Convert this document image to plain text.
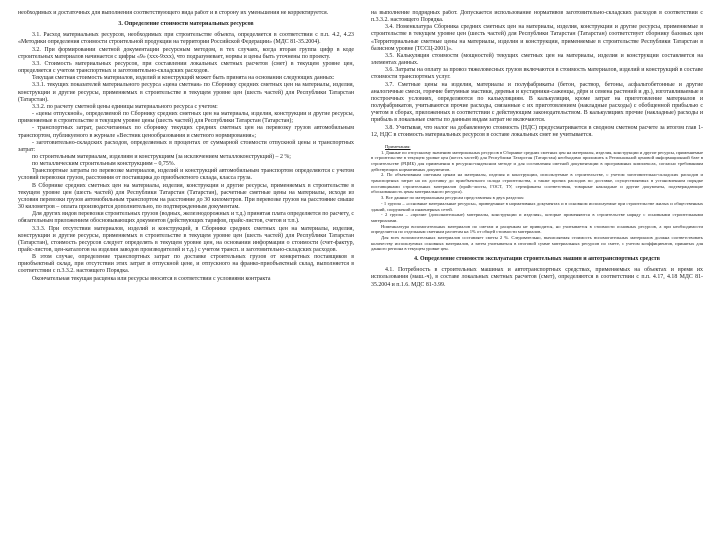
необходимых и достаточных для выполнения соответствующего вида работ и в сторону их уменьшения не корректируется.

3. Определение стоимости материальных ресурсов

3.1. Расход материальных ресурсов, необходимых при строительстве объекта, определяется в соответствии с п.п. 4.2, 4.23 «Методики определения стоимости строительной продукции на территории Российской Федерации» (МДС 81-35.2004).

3.2. При формировании сметной документации ресурсным методом, в тех случаях, когда вторая группа цифр в коде строительных материалов начинается с цифры «9» (ххх-9ххх), что подразумевает, нормы и цены быть уточнены по проекту.

3.3. Стоимость материальных ресурсов, при составлении локальных сметных расчетов (смет) в текущем уровне цен, определяется с учетом транспортных и заготовительно-складских расходов.

Текущая сметная стоимость материалов, изделий и конструкций может быть принята на основании следующих данных:

3.3.1. текущих показателей материального ресурса «цена сметная» по Сборнику средних сметных цен на материалы, изделия, конструкции и другие ресурсы, применяемых в строительстве в текущем уровне цен (шесть частей) для Республики Татарстан (Татарстан).

3.3.2. по расчету сметной цены единицы материального ресурса с учетом:

- «цены отпускной», определяемой по Сборнику средних сметных цен на материалы, изделия, конструкции и другие ресурсы, применяемые в строительстве в текущем уровне цены (шесть частей) для Республики Татарстан (Татарстан);

- транспортных затрат, рассчитанных по сборнику текущих средних сметных цен на перевозку грузов автомобильным транспортом, публикуемого в журнале «Вестник ценообразования и сметного нормирования»;

- заготовительно-складских расходов, определяемых в процентах от суммарной стоимости отпускной цены и транспортных затрат:

по строительным материалам, изделиям и конструкциям (за исключением металлоконструкций) – 2 %;

по металлическим строительным конструкциям – 0,75%.

Транспортные затраты по перевозке материалов, изделий и конструкций автомобильным транспортом определяются с учетом условий перевозки грузов, расстояния от поставщика до приобъектного склада, класса груза.

В Сборнике средних сметных цен на материалы, изделия, конструкции и другие ресурсы, применяемых в строительстве в текущем уровне цен (шесть частей) для Республики Татарстан (Татарстан), расчетные сметные цены на материалы, исходя из условия перевозки грузов автомобильным транспортом на расстояние до 30 километров. При перевозке грузов на расстояние свыше 30 километров – оплата производится дополнительно, по подтвержденным документам.

Для других видов перевозки строительных грузов (водных, железнодорожных и т.д.) принятая плата определяется по расчету, с обязательным приложением обосновывающих документов (действующих тарифов, прайс-листов, счетов и т.п.).

3.3.3. При отсутствии материалов, изделий и конструкций, в Сборнике средних сметных цен на материалы, изделия, конструкции и другие ресурсы, применяемых в строительстве в текущем уровне цен (шесть частей) для Республики Татарстан (Татарстан), стоимость ресурсов следует определять в текущем уровне цен, на основании информации о стоимости (счет-фактур, прайс-листов, цен-каталогов на изделия заводов производителей и т.д.) с учетом трансп. и заготовительно-складских расходов.

В этом случае, определение транспортных затрат по доставке строительных грузов от конкретных поставщиков в приобъектный склад, при отсутствии этих затрат в отпускной цене, и отпускного на франко-приобъектный склад, выполняется в соответствии с п.3.3.2. настоящего Порядка.

Окончательная текущая расценка или ресурсы вносятся в соответствии с условиями контракта

на выполнение подрядных работ. Допускается использование нормативов заготовительно-складских расходов в соответствии с п.3.3.2. настоящего Порядка.

3.4. Номенклатура Сборника средних сметных цен на материалы, изделия, конструкции и другие ресурсы, применяемые в строительстве в текущем уровне цен (шесть частей) для Республики Татарстан (Татарстан) соответствует сборнику базовых цен «Территориальные сметные цены на материалы, изделия и конструкции, применяемые в строительстве Республики Татарстан в базисном уровне (ТССЦ-2001)».

3.5. Калькуляция стоимости (мощностей) текущих сметных цен на материалы, изделия и конструкции составляется на элементах данных.

3.6. Затраты на оплату за провоз тяжеловесных грузов включаются в стоимость материалов, изделий и конструкций в составе стоимости транспортных услуг.

3.7. Сметные цены на изделия, материалы и полуфабрикаты (бетон, раствор, бетоны, асфальтобетонные и другие аналогичные смеси, горячие битумные мастики, деревья и кустарники-саженцы, дёрн и семена растений и др.), изготавливаемые в построечных условиях, определяются по калькуляциям. В калькуляции, кроме затрат на приготовление материалов и полуфабрикатов, учитываются прочие расходы, связанные с их приготовлением (накладные расходы) с обобщенной прибылью с учетом в сборах, приложенных в соответствии с действующим законодательством. В калькуляциях прочие (накладные) расходы и прибыль в локальные сметы по данным видам затрат не включаются.

3.8. Учитывая, что налог на добавленную стоимость (НДС) предусматривается в сводном сметном расчете за итогом глав 1-12, НДС в стоимость материальных ресурсов в составе локальных смет не учитывается.

Примечания:

1. Данные по отпускному значению материальных ресурсов в Сборнике средних сметных цен на материалы, изделия, конструкции и другие ресурсы, применяемые в строительстве в текущем уровне цен (шесть частей) для Республики Татарстан (Татарстан) необходимо приложить к Региональной ценовой информационной базе в строительстве (РЦИБ) для применения в ресурсно-индексном методе и для составления сметной документации в программных комплексах, согласно требованиям действующих нормативных документов.

2. По объективным сметным ценам на материалы, изделия и конструкции, используемые в строительстве, с учетом заготовительно-складских расходов и транспортных затрат на их доставку до приобъектного склада строительства, а также прочих расходов по доставке, осуществляемых в установленном порядке поставщиками строительных материалов (прайс-листы, ГОСТ, ТУ, сертификаты соответствия, товарные накладные и другие документы, подтверждающие обоснованность цены материального ресурса).

3. Все данные по материальным ресурсам представлены в двух разделах:

- 1 группа – «основные материальные ресурсы», приведенные в нормативных документах и в основном используемые при строительстве жилых и общественных зданий, сооружений и инженерных сетей.

- 2 группа – «прочие (дополнительные) материалы, конструкции и изделия», которые применяются в строительстве наряду с основными строительными материалами.

Номенклатура вспомогательных материалов по сметам и расценкам не приводится, но учитывается в стоимости основных ресурсов, а при необходимости определяется по отдельным сметным расчетам на 1% от общей стоимости материалов.

Для всех вспомогательных материалов составляет сметы 2 %. Следовательно, вычисляемая стоимость вспомогательных материалов должна соответствовать количеству используемых основных материалов, а затем учитываться в итоговой сумме материальных ресурсов по смете, с учетом коэффициентов, принятых для данного региона в текущем уровне цен.

4. Определение стоимости эксплуатации строительных машин и автотранспортных средств

4.1. Потребность в строительных машинах и автотранспортных средствах, применяемых на объектах и время их использования (маш.-ч), в составе локальных сметных расчетов (смет), определяются в соответствии с п.п. 4.17, 4.18 МДС 81-35.2004 и п.1.6. МДС 81-3.99.
